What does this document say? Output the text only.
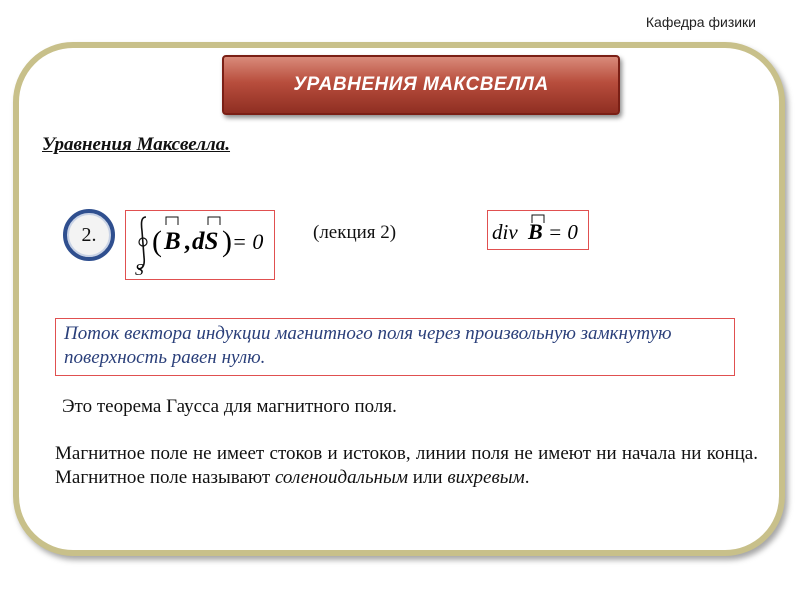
Кафедра физики
УРАВНЕНИЯ МАКСВЕЛЛА
Уравнения Максвелла.
2.
S
( B , dS ) = 0	(лекция 2)	div B = 0
Поток вектора индукции магнитного поля через произвольную замкнутую поверхность равен нулю.
Это теорема Гаусса для магнитного поля.
Магнитное поле не имеет стоков и истоков, линии поля не имеют ни начала ни конца. Магнитное поле называют соленоидальным или вихревым.
